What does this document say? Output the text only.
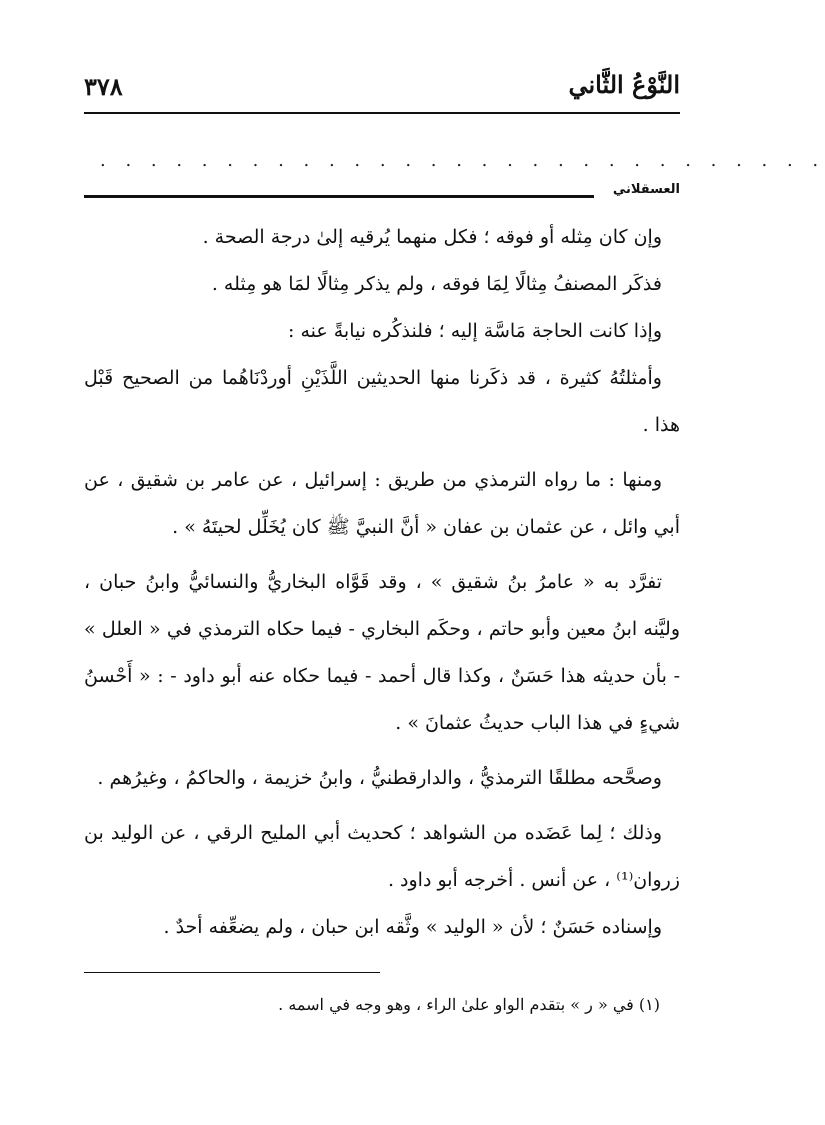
النَّوْعُ الثَّاني
٣٧٨
. . . . . . . . . . . . . . . . . . . . . . . . . . . . .
العسقلاني

وإن كان مِثله أو فوقه ؛ فكل منهما يُرقيه إلىٰ درجة الصحة .

فذكَر المصنفُ مِثالًا لِمَا فوقه ، ولم يذكر مِثالًا لمَا هو مِثله .

وإذا كانت الحاجة مَاسَّة إليه ؛ فلنذكُره نيابةً عنه :

وأمثلتُهُ كثيرة ، قد ذكَرنا منها الحديثين اللَّذَيْنِ أوردْنَاهُما من الصحيح قَبْل هذا .

ومنها : ما رواه الترمذي من طريق : إسرائيل ، عن عامر بن شقيق ، عن أبي وائل ، عن عثمان بن عفان « أنَّ النبيَّ ﷺ كان يُخَلِّل لحيتَهُ » .

تفرَّد به « عامرُ بنُ شقيق » ، وقد قَوَّاه البخاريُّ والنسائيُّ وابنُ حبان ، وليَّنه ابنُ معين وأبو حاتم ، وحكَم البخاري - فيما حكاه الترمذي في « العلل » - بأن حديثه هذا حَسَنٌ ، وكذا قال أحمد - فيما حكاه عنه أبو داود - : « أَحْسنُ شيءٍ في هذا الباب حديثُ عثمانَ » .

وصحَّحه مطلقًا الترمذيُّ ، والدارقطنيُّ ، وابنُ خزيمة ، والحاكمُ ، وغيرُهم .

وذلك ؛ لِما عَضَده من الشواهد ؛ كحديث أبي المليح الرقي ، عن الوليد بن زروان⁽¹⁾ ، عن أنس . أخرجه أبو داود .

وإسناده حَسَنٌ ؛ لأن « الوليد » وثَّقه ابن حبان ، ولم يضعِّفه أحدٌ .

(١) في « ر » بتقدم الواو علىٰ الراء ، وهو وجه في اسمه .
